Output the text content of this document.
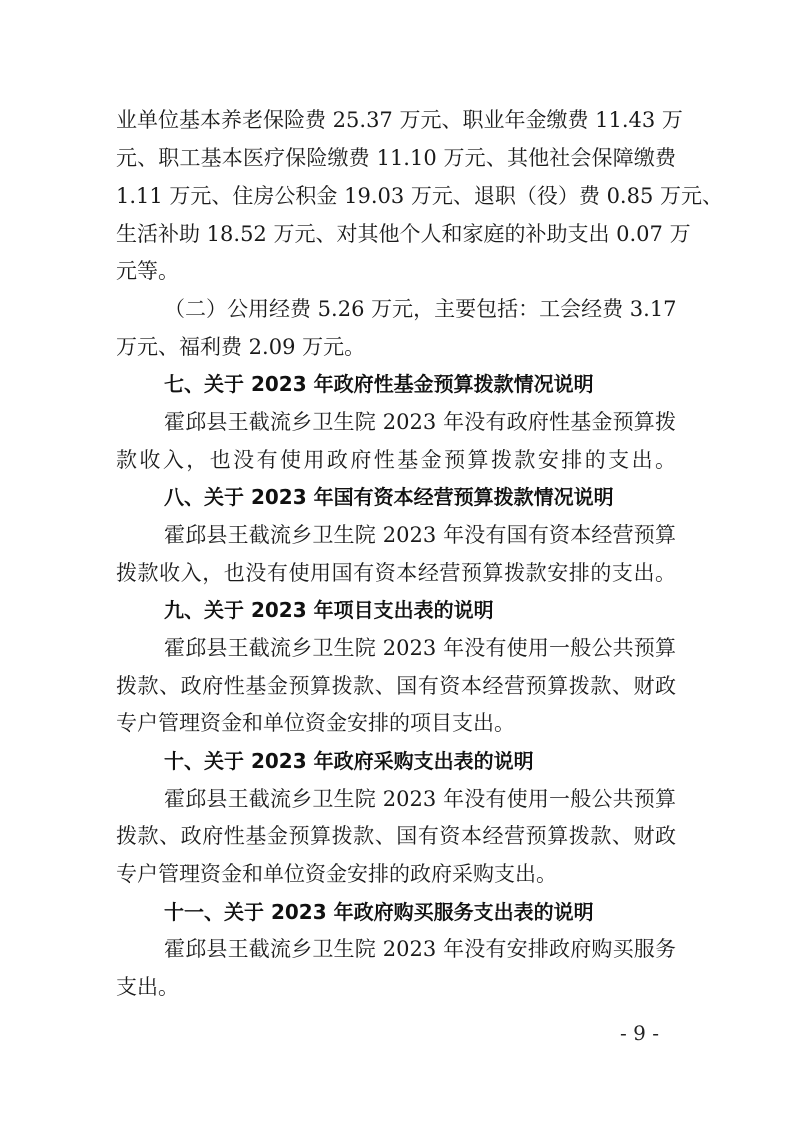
业单位基本养老保险费 25.37 万元、职业年金缴费 11.43 万
元、职工基本医疗保险缴费 11.10 万元、其他社会保障缴费
1.11 万元、住房公积金 19.03 万元、退职（役）费 0.85 万元、
生活补助 18.52 万元、对其他个人和家庭的补助支出 0.07 万
元等。
（二）公用经费 5.26 万元，主要包括：工会经费 3.17
万元、福利费 2.09 万元。
七、关于 2023 年政府性基金预算拨款情况说明
霍邱县王截流乡卫生院 2023 年没有政府性基金预算拨
款收入，也没有使用政府性基金预算拨款安排的支出。
八、关于 2023 年国有资本经营预算拨款情况说明
霍邱县王截流乡卫生院 2023 年没有国有资本经营预算
拨款收入，也没有使用国有资本经营预算拨款安排的支出。
九、关于 2023 年项目支出表的说明
霍邱县王截流乡卫生院 2023 年没有使用一般公共预算
拨款、政府性基金预算拨款、国有资本经营预算拨款、财政
专户管理资金和单位资金安排的项目支出。
十、关于 2023 年政府采购支出表的说明
霍邱县王截流乡卫生院 2023 年没有使用一般公共预算
拨款、政府性基金预算拨款、国有资本经营预算拨款、财政
专户管理资金和单位资金安排的政府采购支出。
十一、关于 2023 年政府购买服务支出表的说明
霍邱县王截流乡卫生院 2023 年没有安排政府购买服务
支出。
- 9 -
